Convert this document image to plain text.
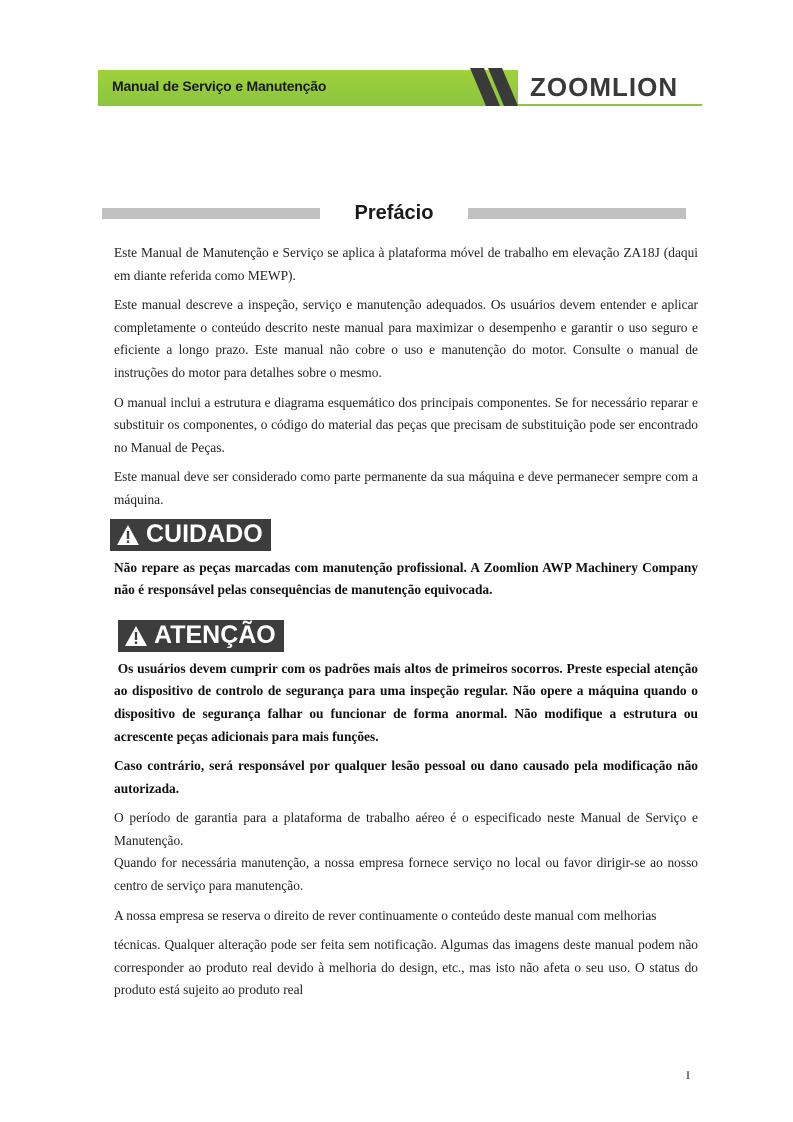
Manual de Serviço e Manutenção	ZOOMLION
Prefácio

Este Manual de Manutenção e Serviço se aplica à plataforma móvel de trabalho em elevação ZA18J (daqui em diante referida como MEWP).

Este manual descreve a inspeção, serviço e manutenção adequados. Os usuários devem entender e aplicar completamente o conteúdo descrito neste manual para maximizar o desempenho e garantir o uso seguro e eficiente a longo prazo. Este manual não cobre o uso e manutenção do motor. Consulte o manual de instruções do motor para detalhes sobre o mesmo.

O manual inclui a estrutura e diagrama esquemático dos principais componentes. Se for necessário reparar e substituir os componentes, o código do material das peças que precisam de substituição pode ser encontrado no Manual de Peças.

Este manual deve ser considerado como parte permanente da sua máquina e deve permanecer sempre com a máquina.

CUIDADO

Não repare as peças marcadas com manutenção profissional. A Zoomlion AWP Machinery Company não é responsável pelas consequências de manutenção equivocada.

ATENÇÃO

Os usuários devem cumprir com os padrões mais altos de primeiros socorros. Preste especial atenção ao dispositivo de controlo de segurança para uma inspeção regular. Não opere a máquina quando o dispositivo de segurança falhar ou funcionar de forma anormal. Não modifique a estrutura ou acrescente peças adicionais para mais funções.

Caso contrário, será responsável por qualquer lesão pessoal ou dano causado pela modificação não autorizada.

O período de garantia para a plataforma de trabalho aéreo é o especificado neste Manual de Serviço e Manutenção.

Quando for necessária manutenção, a nossa empresa fornece serviço no local ou favor dirigir-se ao nosso centro de serviço para manutenção.

A nossa empresa se reserva o direito de rever continuamente o conteúdo deste manual com melhorias

técnicas. Qualquer alteração pode ser feita sem notificação. Algumas das imagens deste manual podem não corresponder ao produto real devido à melhoria do design, etc., mas isto não afeta o seu uso. O status do produto está sujeito ao produto real

I
